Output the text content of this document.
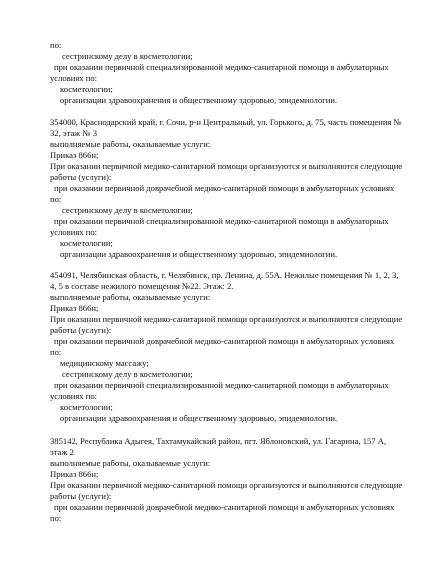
по:
сестринскому делу в косметологии;
при оказании первичной специализированной медико-санитарной помощи в амбулаторных
условиях по:
косметологии;
организации здравоохранения и общественному здоровью, эпидемиологии.
354000, Краснодарский край, г. Сочи, р-н Центральный, ул. Горького, д. 75, часть помещения №
32, этаж № 3
выполняемые работы, оказываемые услуги:
Приказ 866н;
При оказании первичной медико-санитарной помощи организуются и выполняются следующие
работы (услуги):
при оказании первичной доврачебной медико-санитарной помощи в амбулаторных условиях
по:
сестринскому делу в косметологии;
при оказании первичной специализированной медико-санитарной помощи в амбулаторных
условиях по:
косметологии;
организации здравоохранения и общественному здоровью, эпидемиологии.
454091, Челябинская область, г. Челябинск, пр. Ленина, д. 55А. Нежилые помещения № 1, 2, 3,
4, 5 в составе нежилого помещения №22. Этаж: 2.
выполняемые работы, оказываемые услуги:
Приказ 866н;
При оказании первичной медико-санитарной помощи организуются и выполняются следующие
работы (услуги):
при оказании первичной доврачебной медико-санитарной помощи в амбулаторных условиях
по:
медицинскому массажу;
сестринскому делу в косметологии;
при оказании первичной специализированной медико-санитарной помощи в амбулаторных
условиях по:
косметологии;
организации здравоохранения и общественному здоровью, эпидемиологии.
385142, Республика Адыгея, Тахтамукайский район, пгт. Яблоновский, ул. Гагарина, 157 А,
этаж 2
выполняемые работы, оказываемые услуги:
Приказ 866н;
При оказании первичной медико-санитарной помощи организуются и выполняются следующие
работы (услуги):
при оказании первичной доврачебной медико-санитарной помощи в амбулаторных условиях
по:
